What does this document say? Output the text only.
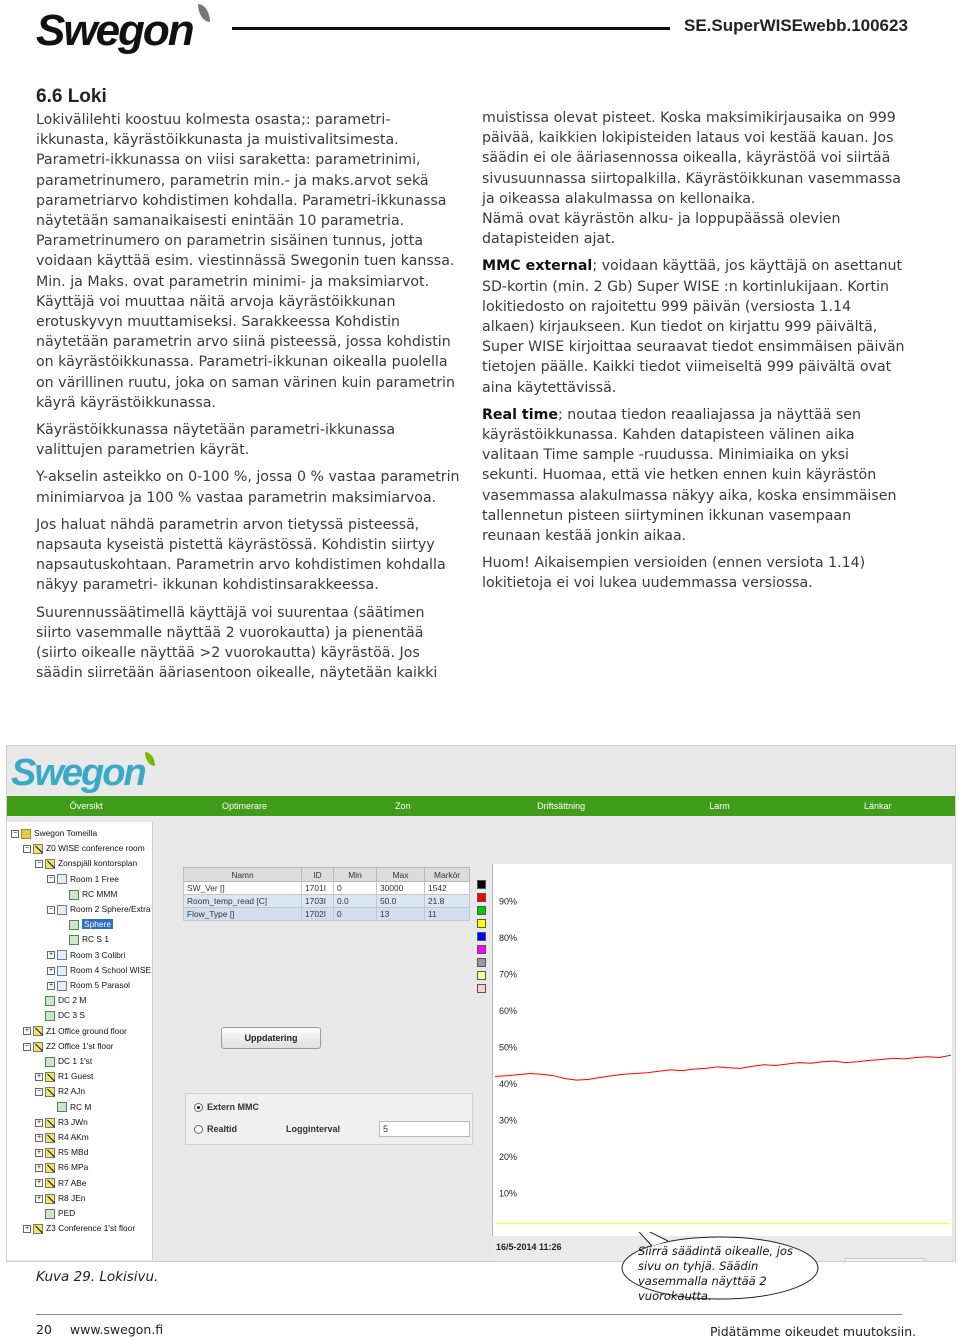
Swegon	SE.SuperWISEwebb.100623
6.6 Loki

Lokivälilehti koostuu kolmesta osasta;: parametri-ikkunasta, käyrästöikkunasta ja muistivalitsimesta. Parametri-ikkunassa on viisi saraketta: parametrinimi, parametrinumero, parametrin min.- ja maks.arvot sekä parametriarvo kohdistimen kohdalla. Parametri-ikkunassa näytetään samanaikaisesti enintään 10 parametria. Parametrinumero on parametrin sisäinen tunnus, jotta voidaan käyttää esim. viestinnässä Swegonin tuen kanssa. Min. ja Maks. ovat parametrin minimi- ja maksimiarvot. Käyttäjä voi muuttaa näitä arvoja käyrästöikkunan erotuskyvyn muuttamiseksi. Sarakkeessa Kohdistin näytetään parametrin arvo siinä pisteessä, jossa kohdistin on käyrästöikkunassa. Parametri-ikkunan oikealla puolella on värillinen ruutu, joka on saman värinen kuin parametrin käyrä käyrästöikkunassa.

Käyrästöikkunassa näytetään parametri-ikkunassa valittujen parametrien käyrät.

Y-akselin asteikko on 0-100 %, jossa 0 % vastaa parametrin minimiarvoa ja 100 % vastaa parametrin maksimiarvoa.

Jos haluat nähdä parametrin arvon tietyssä pisteessä, napsauta kyseistä pistettä käyrästössä. Kohdistin siirtyy napsautuskohtaan. Parametrin arvo kohdistimen kohdalla näkyy parametri- ikkunan kohdistinsarakkeessa.

Suurennussäätimellä käyttäjä voi suurentaa (säätimen siirto vasemmalle näyttää 2 vuorokautta) ja pienentää (siirto oikealle näyttää >2 vuorokautta) käyrästöä. Jos säädin siirretään ääriasentoon oikealle, näytetään kaikki

muistissa olevat pisteet. Koska maksimikirjausaika on 999 päivää, kaikkien lokipisteiden lataus voi kestää kauan. Jos säädin ei ole ääriasennossa oikealla, käyrästöä voi siirtää sivusuunnassa siirtopalkilla. Käyrästöikkunan vasemmassa ja oikeassa alakulmassa on kellonaika.

Nämä ovat käyrästön alku- ja loppupäässä olevien datapisteiden ajat.

MMC external; voidaan käyttää, jos käyttäjä on asettanut SD-kortin (min. 2 Gb) Super WISE :n kortinlukijaan. Kortin lokitiedosto on rajoitettu 999 päivän (versiosta 1.14 alkaen) kirjaukseen. Kun tiedot on kirjattu 999 päivältä, Super WISE kirjoittaa seuraavat tiedot ensimmäisen päivän tietojen päälle. Kaikki tiedot viimeiseltä 999 päivältä ovat aina käytettävissä.

Real time; noutaa tiedon reaaliajassa ja näyttää sen käyrästöikkunassa. Kahden datapisteen välinen aika valitaan Time sample -ruudussa. Minimiaika on yksi sekunti. Huomaa, että vie hetken ennen kuin käyrästön vasemmassa alakulmassa näkyy aika, koska ensimmäisen tallennetun pisteen siirtyminen ikkunan vasempaan reunaan kestää jonkin aikaa.

Huom! Aikaisempien versioiden (ennen versiota 1.14) lokitietoja ei voi lukea uudemmassa versiossa.

Swegon
Översikt	Optimerare	Zon	Driftsättning	Larm	Länkar
− Swegon Tomeilla
− Z0 WISE conference room
− Zonspjäll kontorsplan
− Room 1 Free
RC MMM
− Room 2 Sphere/Extra
Sphere
RC S 1
+ Room 3 Colibri
+ Room 4 School WISE
+ Room 5 Parasol
DC 2 M
DC 3 S
+ Z1 Office ground floor
− Z2 Office 1'st floor
DC 1 1'st
+ R1 Guest
− R2 AJn
RC M
+ R3 JWn
+ R4 AKm
+ R5 MBd
+ R6 MPa
+ R7 ABe
+ R8 JEn
PED
+ Z3 Conference 1'st floor
Namn	ID	Min	Max	Markör
SW_Ver []	1701I	0	30000	1542
Room_temp_read [C]	1703I	0.0	50.0	21.8
Flow_Type []	1702I	0	13	11
Uppdatering
Extern MMC
Realtid	Logginterval	5
90%
80%
70%
60%
50%
40%
30%
20%
10%
16/5-2014 11:26	Siirrä säädintä oikealle, jos sivu on tyhjä. Säädin vasemmalla näyttää 2 vuorokautta.
Kuva 29. Lokisivu.
20 www.swegon.fi	Pidätämme oikeudet muutoksiin.
